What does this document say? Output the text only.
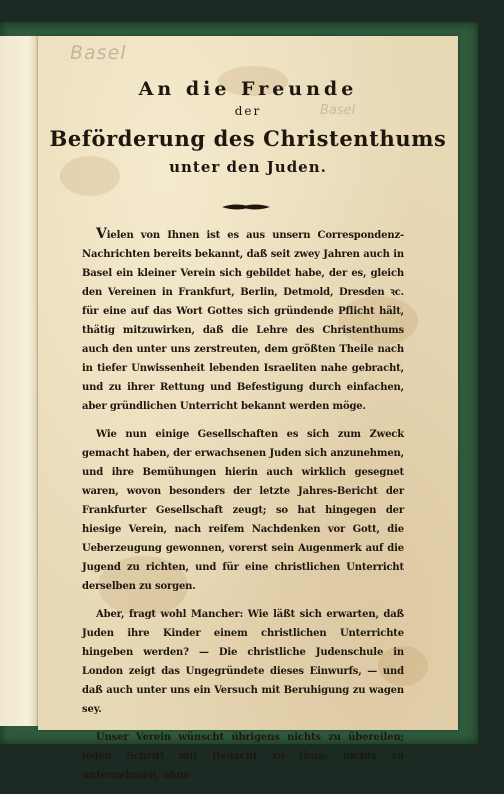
Basel
Basel
An die Freunde
der
Beförderung des Christenthums
unter den Juden.

Vielen von Ihnen ist es aus unsern Correspondenz-Nachrichten bereits bekannt, daß seit zwey Jahren auch in Basel ein kleiner Verein sich gebildet habe, der es, gleich den Vereinen in Frankfurt, Berlin, Detmold, Dresden ꝛc. für eine auf das Wort Gottes sich gründende Pflicht hält, thätig mitzuwirken, daß die Lehre des Christenthums auch den unter uns zerstreuten, dem größten Theile nach in tiefer Unwissenheit lebenden Israeliten nahe gebracht, und zu ihrer Rettung und Befestigung durch einfachen, aber gründlichen Unterricht bekannt werden möge.

Wie nun einige Gesellschaften es sich zum Zweck gemacht haben, der erwachsenen Juden sich anzunehmen, und ihre Bemühungen hierin auch wirklich gesegnet waren, wovon besonders der letzte Jahres-Bericht der Frankfurter Gesellschaft zeugt; so hat hingegen der hiesige Verein, nach reifem Nachdenken vor Gott, die Ueberzeugung gewonnen, vorerst sein Augenmerk auf die Jugend zu richten, und für eine christlichen Unterricht derselben zu sorgen.

Aber, fragt wohl Mancher: Wie läßt sich erwarten, daß Juden ihre Kinder einem christlichen Unterrichte hingeben werden? — Die christliche Judenschule in London zeigt das Ungegründete dieses Einwurfs, — und daß auch unter uns ein Versuch mit Beruhigung zu wagen sey.

Unser Verein wünscht übrigens nichts zu übereilen; jeden Schritt mit Bedacht zu thun; nichts zu unternehmen, ohne
